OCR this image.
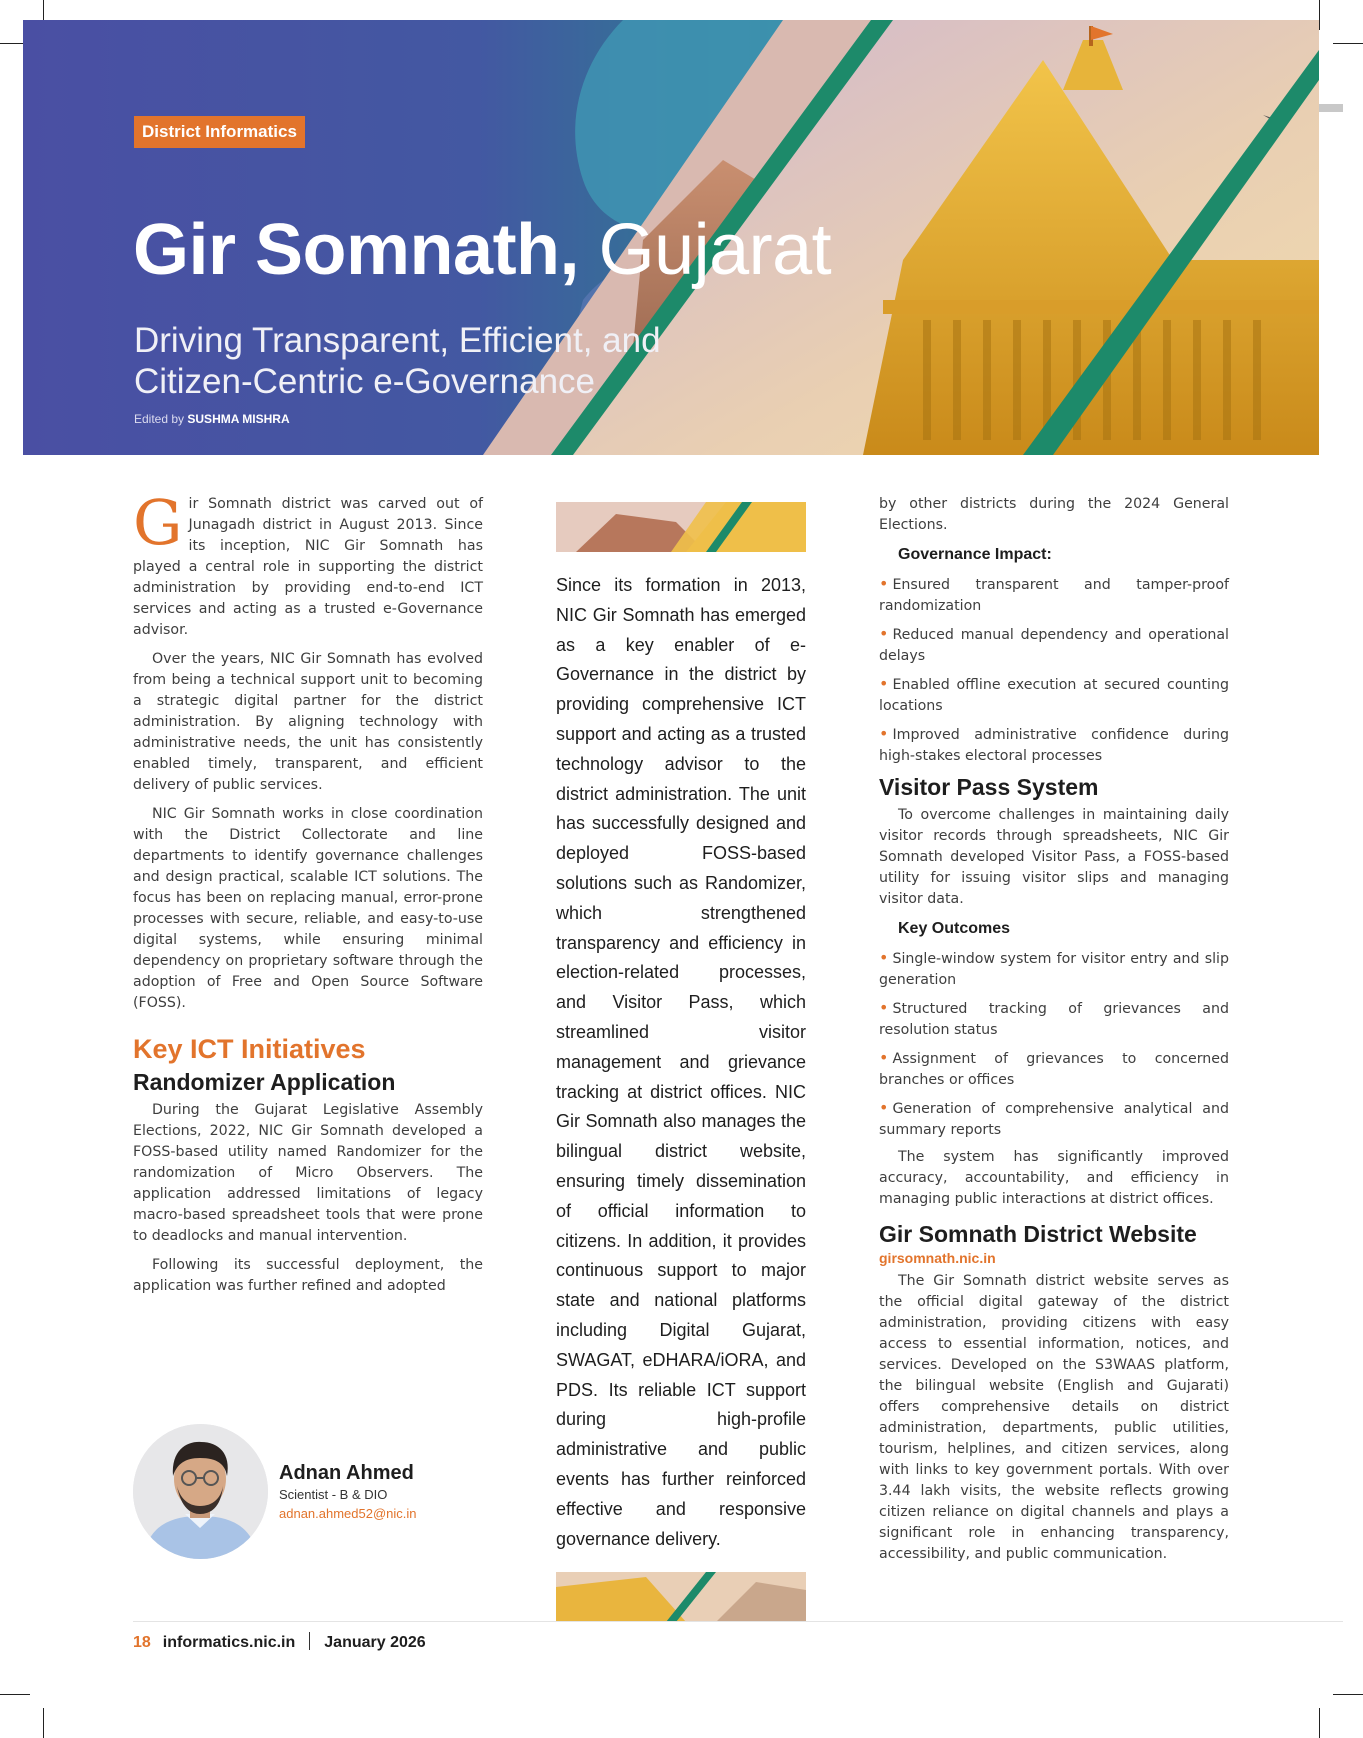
District Informatics
Gir Somnath, Gujarat
Driving Transparent, Efficient, and Citizen-Centric e-Governance
Edited by SUSHMA MISHRA

Gir Somnath district was carved out of Junagadh district in August 2013. Since its inception, NIC Gir Somnath has played a central role in supporting the district administration by providing end-to-end ICT services and acting as a trusted e-Governance advisor.

Over the years, NIC Gir Somnath has evolved from being a technical support unit to becoming a strategic digital partner for the district administration. By aligning technology with administrative needs, the unit has consistently enabled timely, transparent, and efficient delivery of public services.

NIC Gir Somnath works in close coordination with the District Collectorate and line departments to identify governance challenges and design practical, scalable ICT solutions. The focus has been on replacing manual, error-prone processes with secure, reliable, and easy-to-use digital systems, while ensuring minimal dependency on proprietary software through the adoption of Free and Open Source Software (FOSS).

Key ICT Initiatives
Randomizer Application

During the Gujarat Legislative Assembly Elections, 2022, NIC Gir Somnath developed a FOSS-based utility named Randomizer for the randomization of Micro Observers. The application addressed limitations of legacy macro-based spreadsheet tools that were prone to deadlocks and manual intervention.

Following its successful deployment, the application was further refined and adopted

Since its formation in 2013, NIC Gir Somnath has emerged as a key enabler of e-Governance in the district by providing comprehensive ICT support and acting as a trusted technology advisor to the district administration. The unit has successfully designed and deployed FOSS-based solutions such as Randomizer, which strengthened transparency and efficiency in election-related processes, and Visitor Pass, which streamlined visitor management and grievance tracking at district offices. NIC Gir Somnath also manages the bilingual district website, ensuring timely dissemination of official information to citizens. In addition, it provides continuous support to major state and national platforms including Digital Gujarat, SWAGAT, eDHARA/iORA, and PDS. Its reliable ICT support during high-profile administrative and public events has further reinforced effective and responsive governance delivery.

by other districts during the 2024 General Elections.

Governance Impact:
• Ensured transparent and tamper-proof randomization
• Reduced manual dependency and operational delays
• Enabled offline execution at secured counting locations
• Improved administrative confidence during high-stakes electoral processes
Visitor Pass System

To overcome challenges in maintaining daily visitor records through spreadsheets, NIC Gir Somnath developed Visitor Pass, a FOSS-based utility for issuing visitor slips and managing visitor data.

Key Outcomes
• Single-window system for visitor entry and slip generation
• Structured tracking of grievances and resolution status
• Assignment of grievances to concerned branches or offices
• Generation of comprehensive analytical and summary reports

The system has significantly improved accuracy, accountability, and efficiency in managing public interactions at district offices.

Gir Somnath District Website
girsomnath.nic.in

The Gir Somnath district website serves as the official digital gateway of the district administration, providing citizens with easy access to essential information, notices, and services. Developed on the S3WAAS platform, the bilingual website (English and Gujarati) offers comprehensive details on district administration, departments, public utilities, tourism, helplines, and citizen services, along with links to key government portals. With over 3.44 lakh visits, the website reflects growing citizen reliance on digital channels and plays a significant role in enhancing transparency, accessibility, and public communication.

Adnan Ahmed
Scientist - B & DIO
adnan.ahmed52@nic.in
18 informatics.nic.in January 2026
